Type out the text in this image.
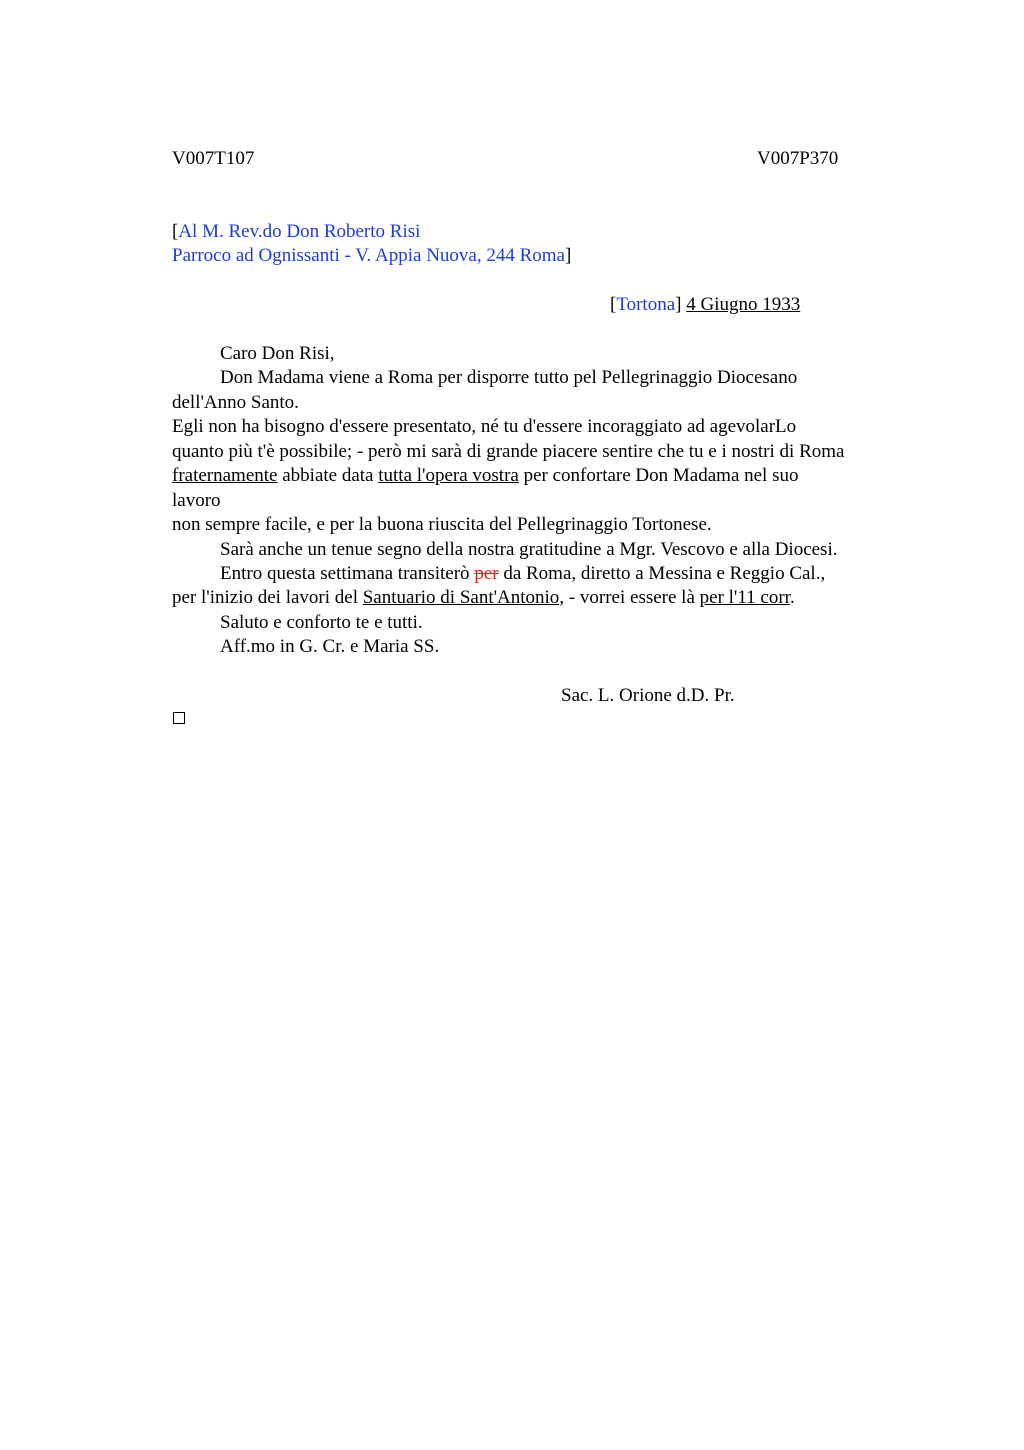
V007T107	V007P370
[Al M. Rev.do Don Roberto Risi
Parroco ad Ognissanti - V. Appia Nuova, 244 Roma]
[Tortona] 4 Giugno 1933
Caro Don Risi,
Don Madama viene a Roma per disporre tutto pel Pellegrinaggio Diocesano
dell'Anno Santo.
Egli non ha bisogno d'essere presentato, né tu d'essere incoraggiato ad agevolarLo
quanto più t'è possibile; - però mi sarà di grande piacere sentire che tu e i nostri di Roma
fraternamente abbiate data tutta l'opera vostra per confortare Don Madama nel suo
lavoro
non sempre facile, e per la buona riuscita del Pellegrinaggio Tortonese.
Sarà anche un tenue segno della nostra gratitudine a Mgr. Vescovo e alla Diocesi.
Entro questa settimana transiterò per da Roma, diretto a Messina e Reggio Cal.,
per l'inizio dei lavori del Santuario di Sant'Antonio, - vorrei essere là per l'11 corr.
Saluto e conforto te e tutti.
Aff.mo in G. Cr. e Maria SS.
Sac. L. Orione d.D. Pr.
